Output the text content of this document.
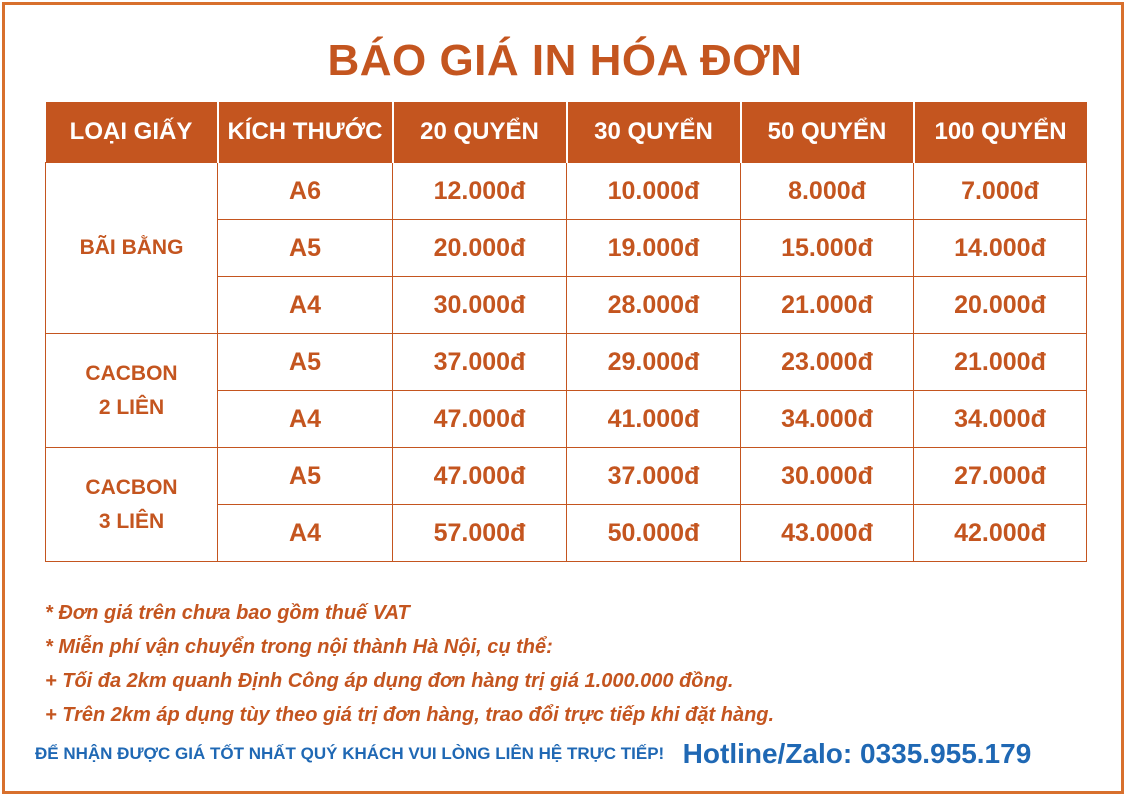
BÁO GIÁ IN HÓA ĐƠN
LOẠI GIẤY	KÍCH THƯỚC	20 QUYỂN	30 QUYỂN	50 QUYỂN	100 QUYỂN

BÃI BẰNG	A6	12.000đ	10.000đ	8.000đ	7.000đ
	A5	20.000đ	19.000đ	15.000đ	14.000đ
	A4	30.000đ	28.000đ	21.000đ	20.000đ

CACBON
2 LIÊN	A5	37.000đ	29.000đ	23.000đ	21.000đ
	A4	47.000đ	41.000đ	34.000đ	34.000đ

CACBON
3 LIÊN	A5	47.000đ	37.000đ	30.000đ	27.000đ
	A4	57.000đ	50.000đ	43.000đ	42.000đ
* Đơn giá trên chưa bao gồm thuế VAT
* Miễn phí vận chuyển trong nội thành Hà Nội, cụ thể:
+ Tối đa 2km quanh Định Công áp dụng đơn hàng trị giá 1.000.000 đồng.
+ Trên 2km áp dụng tùy theo giá trị đơn hàng, trao đổi trực tiếp khi đặt hàng.
ĐỂ NHẬN ĐƯỢC GIÁ TỐT NHẤT QUÝ KHÁCH VUI LÒNG LIÊN HỆ TRỰC TIẾP! Hotline/Zalo: 0335.955.179
